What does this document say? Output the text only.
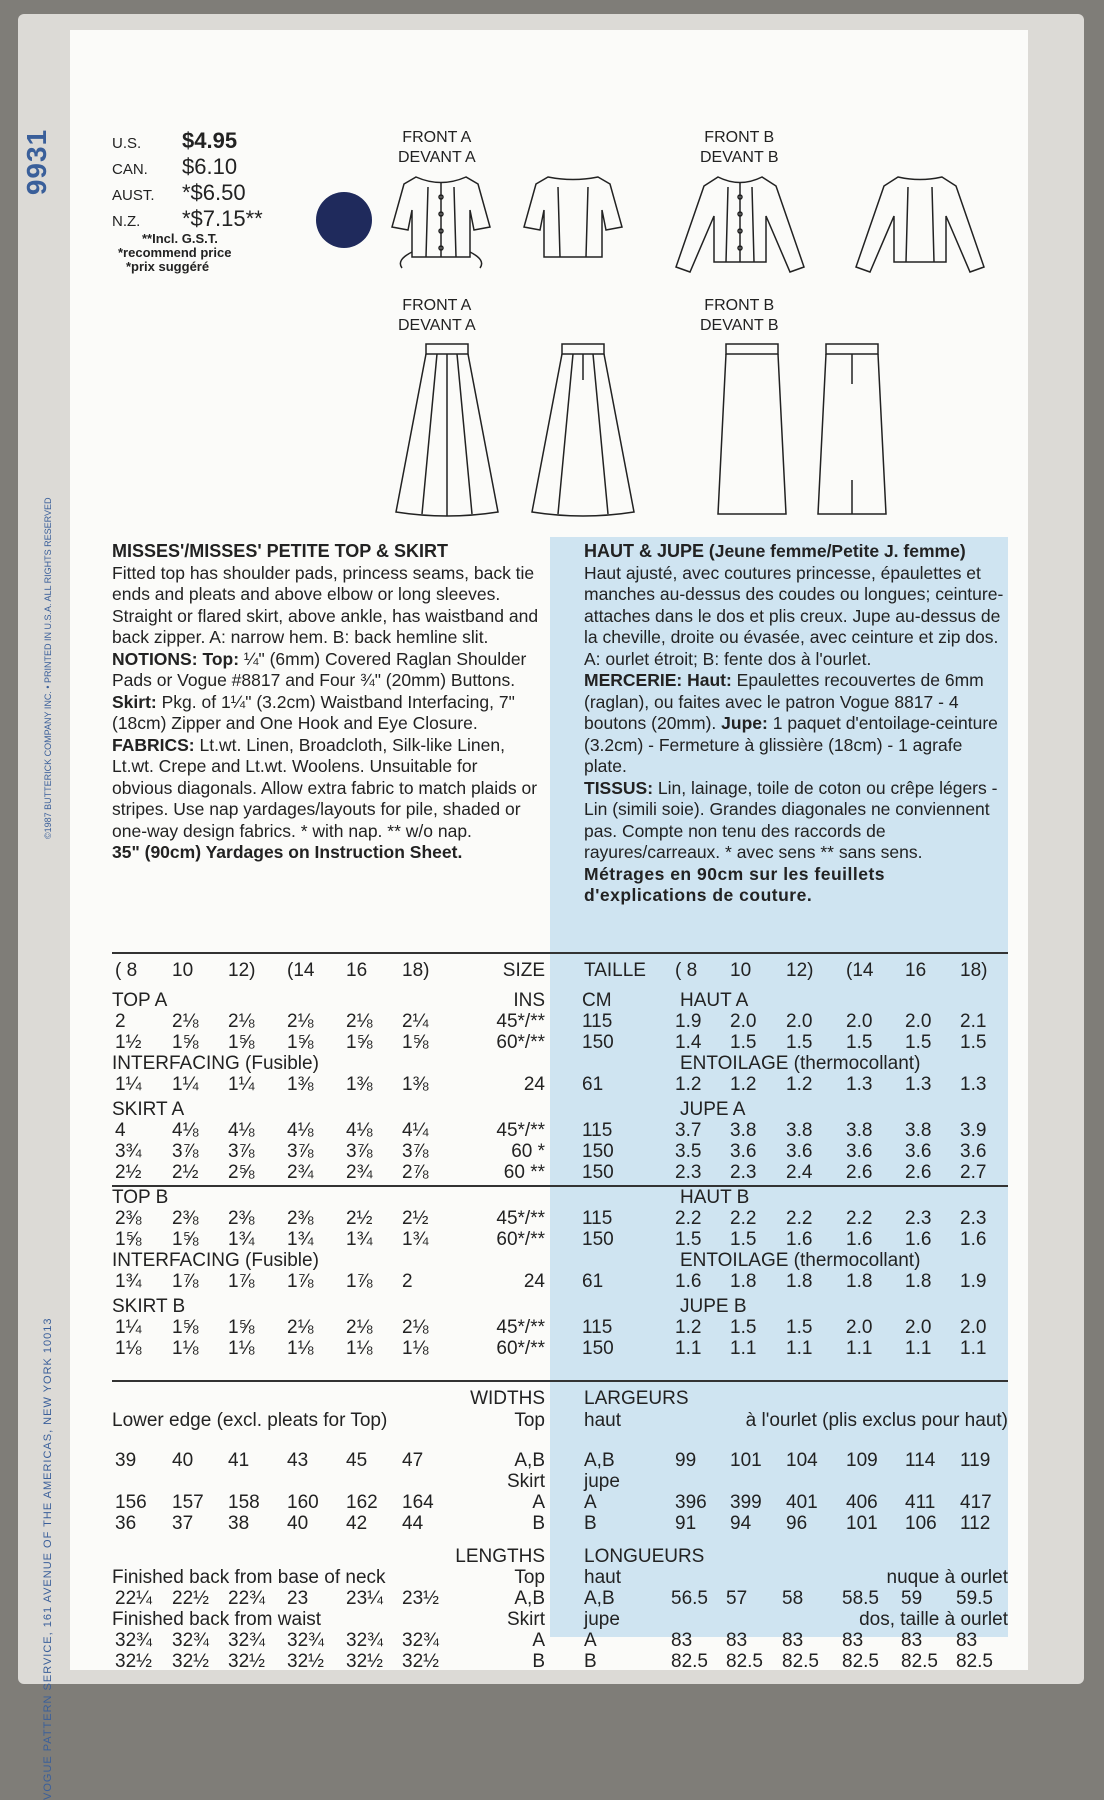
9931
©1987 BUTTERICK COMPANY INC. • PRINTED IN U.S.A. ALL RIGHTS RESERVED
VOGUE PATTERN SERVICE, 161 AVENUE OF THE AMERICAS, NEW YORK 10013
U.S.	$4.95
CAN.	$6.10
AUST.	*$6.50
N.Z.	*$7.15**
**Incl. G.S.T.
*recommend price
*prix suggéré
FRONT A
DEVANT A
FRONT B
DEVANT B
FRONT A
DEVANT A
FRONT B
DEVANT B
MISSES'/MISSES' PETITE TOP & SKIRT
Fitted top has shoulder pads, princess seams, back tie ends and pleats and above elbow or long sleeves. Straight or flared skirt, above ankle, has waistband and back zipper. A: narrow hem. B: back hemline slit.
NOTIONS: Top: ¼" (6mm) Covered Raglan Shoulder Pads or Vogue #8817 and Four ¾" (20mm) Buttons. Skirt: Pkg. of 1¼" (3.2cm) Waistband Interfacing, 7" (18cm) Zipper and One Hook and Eye Closure.
FABRICS: Lt.wt. Linen, Broadcloth, Silk-like Linen, Lt.wt. Crepe and Lt.wt. Woolens. Unsuitable for obvious diagonals. Allow extra fabric to match plaids or stripes. Use nap yardages/layouts for pile, shaded or one-way design fabrics. * with nap. ** w/o nap.
35" (90cm) Yardages on Instruction Sheet.
HAUT & JUPE (Jeune femme/Petite J. femme)
Haut ajusté, avec coutures princesse, épaulettes et manches au-dessus des coudes ou longues; ceinture-attaches dans le dos et plis creux. Jupe au-dessus de la cheville, droite ou évasée, avec ceinture et zip dos. A: ourlet étroit; B: fente dos à l'ourlet.
MERCERIE: Haut: Epaulettes recouvertes de 6mm (raglan), ou faites avec le patron Vogue 8817 - 4 boutons (20mm). Jupe: 1 paquet d'entoilage-ceinture (3.2cm) - Fermeture à glissière (18cm) - 1 agrafe plate.
TISSUS: Lin, lainage, toile de coton ou crêpe légers - Lin (simili soie). Grandes diagonales ne conviennent pas. Compte non tenu des raccords de rayures/carreaux. * avec sens ** sans sens.
Métrages en 90cm sur les feuillets d'explications de couture.
( 8 10 12) (14 16 18)	SIZE TAILLE ( 8 10 12) (14 16 18)
TOP A	HAUT A
INS CM
2 2⅛ 2⅛ 2⅛ 2⅛ 2¼	45*/** 115	1.9 2.0 2.0 2.0 2.0 2.1
1½ 1⅝ 1⅝ 1⅝ 1⅝ 1⅝	60*/** 150	1.4 1.5 1.5 1.5 1.5 1.5
INTERFACING (Fusible)	ENTOILAGE (thermocollant)
1¼ 1¼ 1¼ 1⅜ 1⅜ 1⅜	24 61	1.2 1.2 1.2 1.3 1.3 1.3
SKIRT A	JUPE A
4 4⅛ 4⅛ 4⅛ 4⅛ 4¼	45*/** 115	3.7 3.8 3.8 3.8 3.8 3.9
3¾ 3⅞ 3⅞ 3⅞ 3⅞ 3⅞	60 * 150	3.5 3.6 3.6 3.6 3.6 3.6
2½ 2½ 2⅝ 2¾ 2¾ 2⅞	60 ** 150	2.3 2.3 2.4 2.6 2.6 2.7
TOP B	HAUT B
2⅜ 2⅜ 2⅜ 2⅜ 2½ 2½	45*/** 115	2.2 2.2 2.2 2.2 2.3 2.3
1⅝ 1⅝ 1¾ 1¾ 1¾ 1¾	60*/** 150	1.5 1.5 1.6 1.6 1.6 1.6
INTERFACING (Fusible)	ENTOILAGE (thermocollant)
1¾ 1⅞ 1⅞ 1⅞ 1⅞ 2	24 61	1.6 1.8 1.8 1.8 1.8 1.9
SKIRT B	JUPE B
1¼ 1⅝ 1⅝ 2⅛ 2⅛ 2⅛	45*/** 115	1.2 1.5 1.5 2.0 2.0 2.0
1⅛ 1⅛ 1⅛ 1⅛ 1⅛ 1⅛	60*/** 150	1.1 1.1 1.1 1.1 1.1 1.1
WIDTHS LARGEURS
Lower edge (excl. pleats for Top)	Top haut	à l'ourlet (plis exclus pour haut)
39 40 41 43 45 47	A,B A,B	99 101 104 109 114 119
Skirt jupe
156 157 158 160 162 164	A A	396 399 401 406 411 417
36 37 38 40 42 44	B B	91 94 96 101 106 112
LENGTHS LONGUEURS
Finished back from base of neck	Top haut	nuque à ourlet
22¼ 22½ 22¾ 23 23¼ 23½	A,B A,B	56.5 57 58 58.5 59 59.5
Finished back from waist	Skirt jupe	dos, taille à ourlet
32¾ 32¾ 32¾ 32¾ 32¾ 32¾	A A	83 83 83 83 83 83
32½ 32½ 32½ 32½ 32½ 32½	B B	82.5 82.5 82.5 82.5 82.5 82.5
